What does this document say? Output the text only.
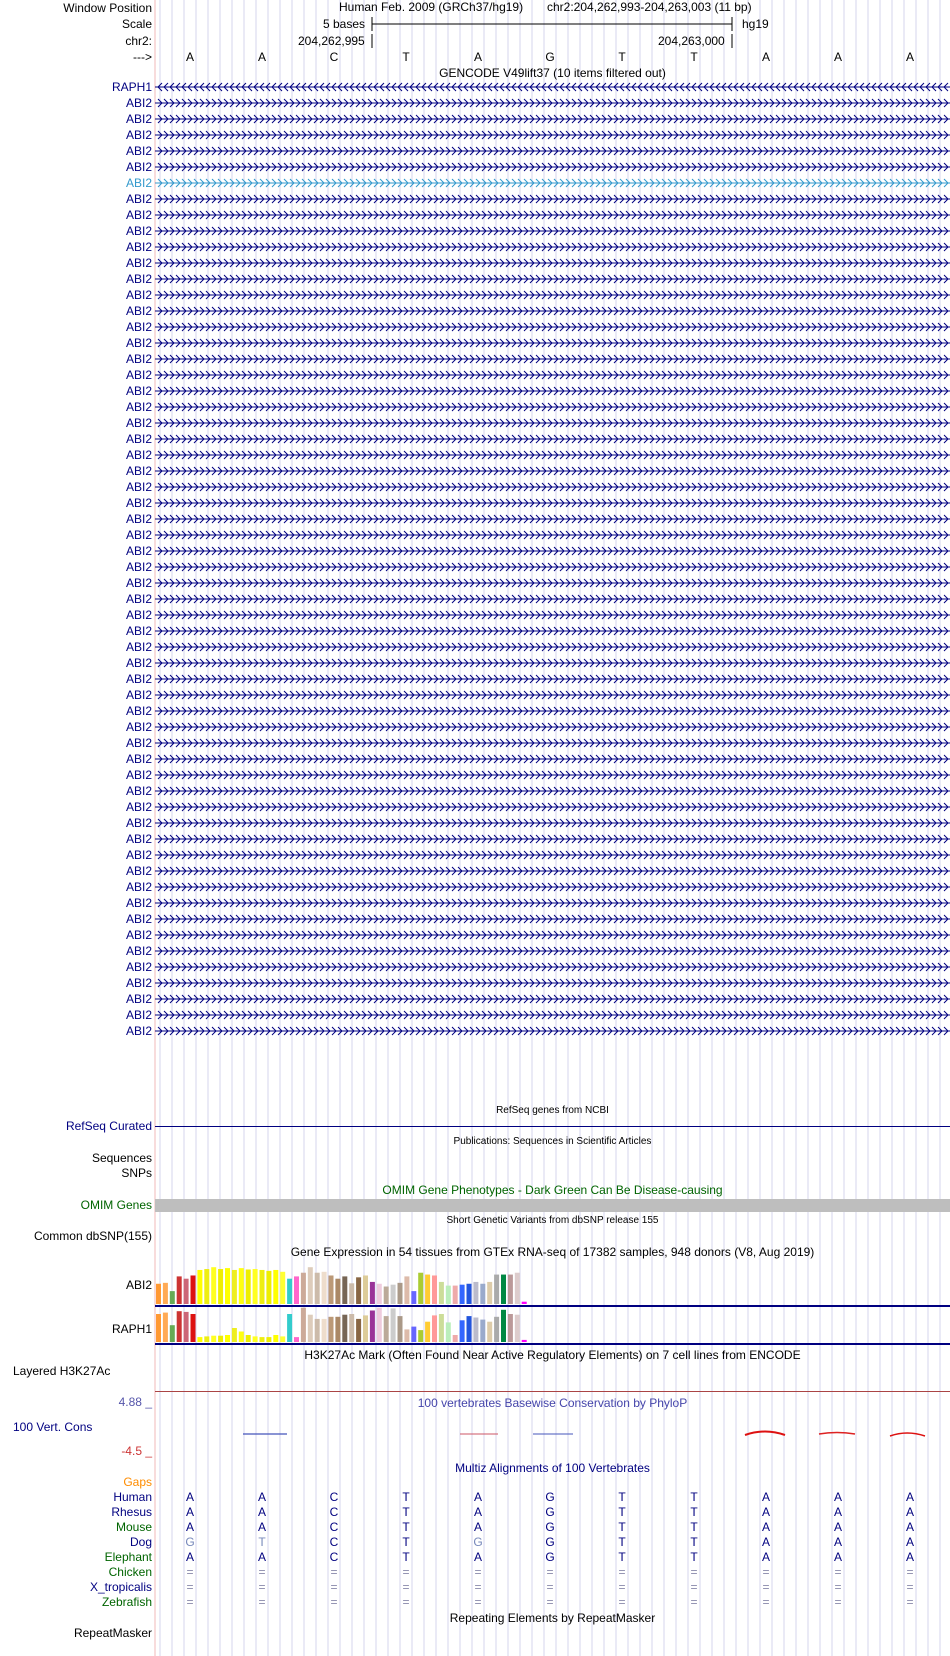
Window Position
Scale
chr2:
--->
Human Feb. 2009 (GRCh37/hg19) chr2:204,262,993-204,263,003 (11 bp)
5 bases	hg19
204,262,995	204,263,000
A	A	C	T	A	G	T	T	A	A	A
GENCODE V49lift37 (10 items filtered out)
RAPH1
ABI2
ABI2
ABI2
ABI2
ABI2
ABI2
ABI2
ABI2
ABI2
ABI2
ABI2
ABI2
ABI2
ABI2
ABI2
ABI2
ABI2
ABI2
ABI2
ABI2
ABI2
ABI2
ABI2
ABI2
ABI2
ABI2
ABI2
ABI2
ABI2
ABI2
ABI2
ABI2
ABI2
ABI2
ABI2
ABI2
ABI2
ABI2
ABI2
ABI2
ABI2
ABI2
ABI2
ABI2
ABI2
ABI2
ABI2
ABI2
ABI2
ABI2
ABI2
ABI2
ABI2
ABI2
ABI2
ABI2
ABI2
ABI2
ABI2
RefSeq genes from NCBI
RefSeq Curated
Publications: Sequences in Scientific Articles
Sequences
SNPs
OMIM Gene Phenotypes - Dark Green Can Be Disease-causing
OMIM Genes
Short Genetic Variants from dbSNP release 155
Common dbSNP(155)
Gene Expression in 54 tissues from GTEx RNA-seq of 17382 samples, 948 donors (V8, Aug 2019)
ABI2
RAPH1
H3K27Ac Mark (Often Found Near Active Regulatory Elements) on 7 cell lines from ENCODE
Layered H3K27Ac
4.88 _	100 vertebrates Basewise Conservation by PhyloP
100 Vert. Cons
-4.5 _
Multiz Alignments of 100 Vertebrates
Gaps
Human	A	A	C	T	A	G	T	T	A	A	A
Rhesus	A	A	C	T	A	G	T	T	A	A	A
Mouse	A	A	C	T	A	G	T	T	A	A	A
Dog	G	T	C	T	G	G	T	T	A	A	A
Elephant	A	A	C	T	A	G	T	T	A	A	A
Chicken	=	=	=	=	=	=	=	=	=	=	=
X_tropicalis	=	=	=	=	=	=	=	=	=	=	=
Zebrafish	=	=	=	=	=	=	=	=	=	=	=
Repeating Elements by RepeatMasker
RepeatMasker
